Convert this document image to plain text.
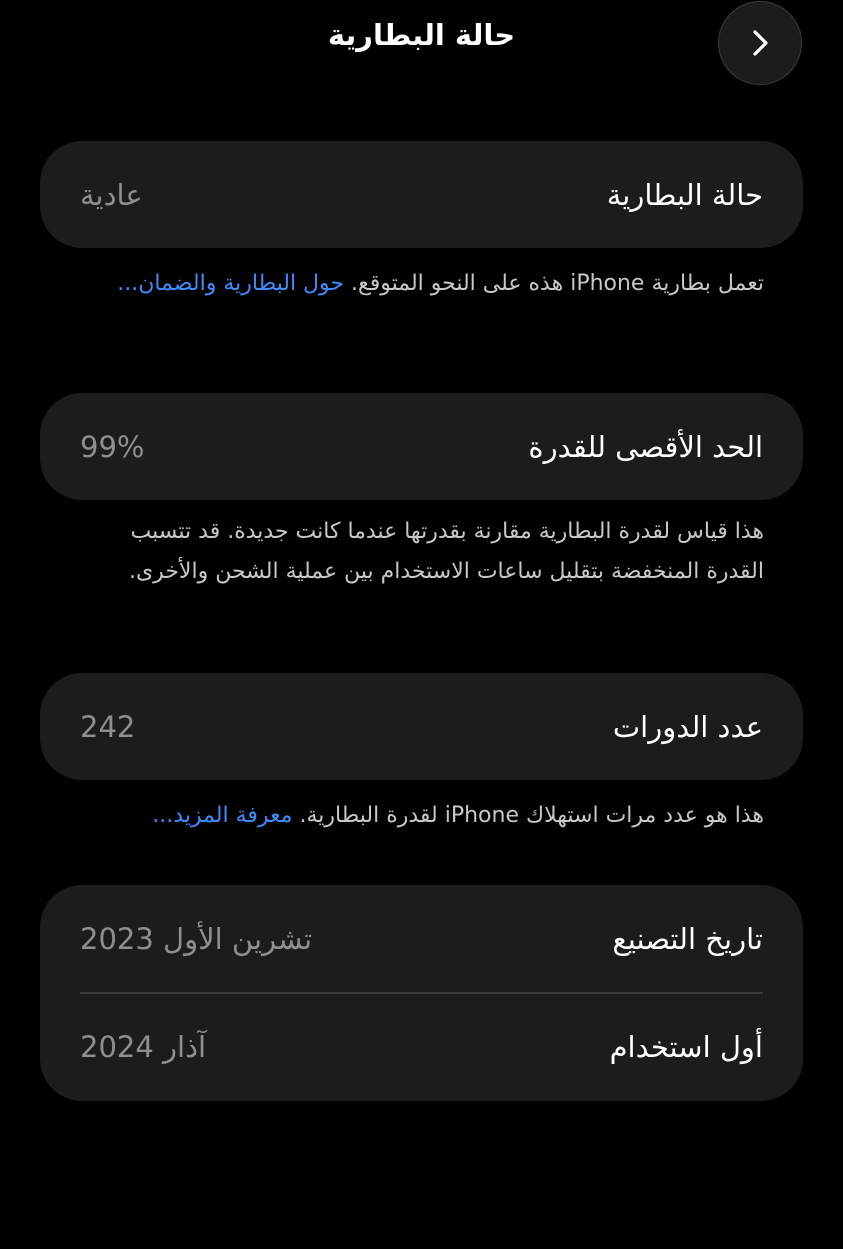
حالة البطارية
حالة البطارية
عادية
تعمل بطارية iPhone هذه على النحو المتوقع. حول البطارية والضمان...
الحد الأقصى للقدرة
99%
هذا قياس لقدرة البطارية مقارنة بقدرتها عندما كانت جديدة. قد تتسبب القدرة المنخفضة بتقليل ساعات الاستخدام بين عملية الشحن والأخرى.
عدد الدورات
242
هذا هو عدد مرات استهلاك iPhone لقدرة البطارية. معرفة المزيد...
تاريخ التصنيع
تشرين الأول 2023
أول استخدام
آذار 2024
